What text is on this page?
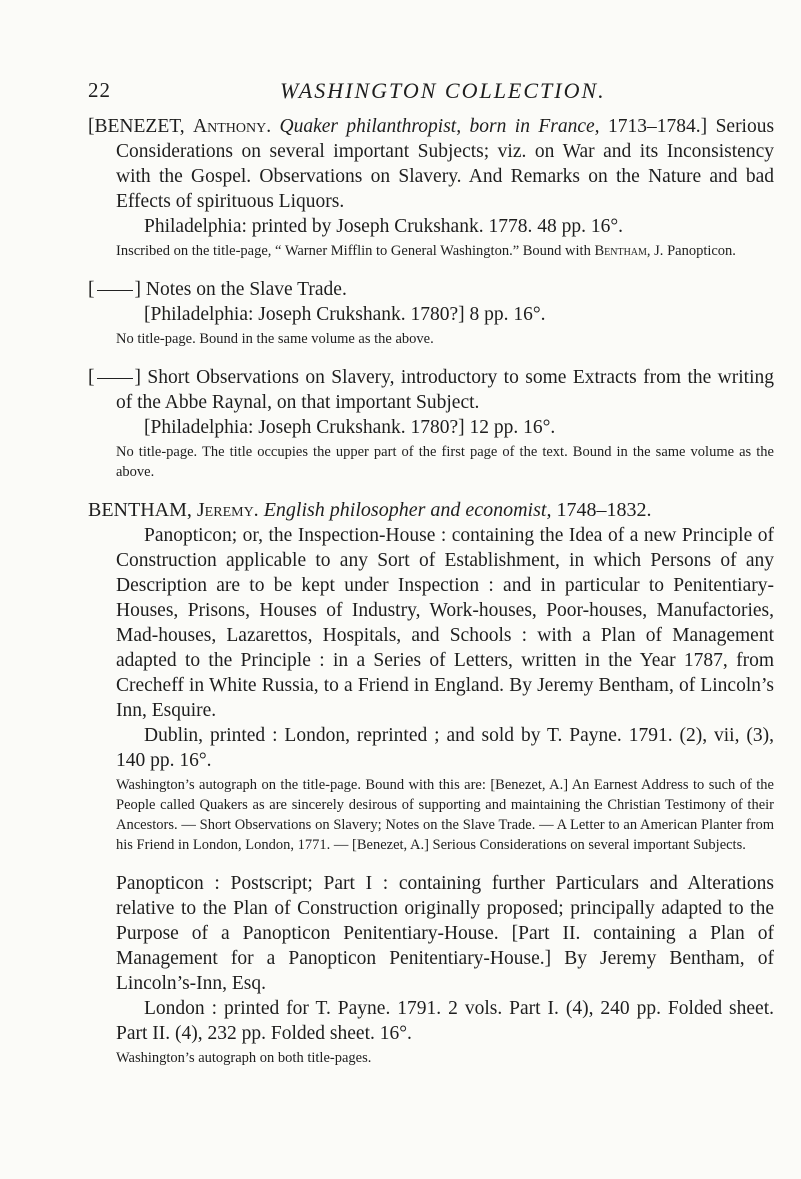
22	WASHINGTON COLLECTION.

[BENEZET, Anthony. Quaker philanthropist, born in France, 1713–1784.] Serious Considerations on several important Subjects; viz. on War and its Inconsistency with the Gospel. Observations on Slavery. And Remarks on the Nature and bad Effects of spirituous Liquors.

Philadelphia: printed by Joseph Crukshank. 1778. 48 pp. 16°.

Inscribed on the title-page, “ Warner Mifflin to General Washington.” Bound with Bentham, J. Panopticon.

[ ] Notes on the Slave Trade.

[Philadelphia: Joseph Crukshank. 1780?] 8 pp. 16°.

No title-page. Bound in the same volume as the above.

[ ] Short Observations on Slavery, introductory to some Extracts from the writing of the Abbe Raynal, on that important Subject.

[Philadelphia: Joseph Crukshank. 1780?] 12 pp. 16°.

No title-page. The title occupies the upper part of the first page of the text. Bound in the same volume as the above.

BENTHAM, Jeremy. English philosopher and economist, 1748–1832.

Panopticon; or, the Inspection-House : containing the Idea of a new Principle of Construction applicable to any Sort of Establishment, in which Persons of any Description are to be kept under Inspection : and in particular to Penitentiary-Houses, Prisons, Houses of Industry, Work-houses, Poor-houses, Manufactories, Mad-houses, Lazarettos, Hospitals, and Schools : with a Plan of Management adapted to the Principle : in a Series of Letters, written in the Year 1787, from Crecheff in White Russia, to a Friend in England. By Jeremy Bentham, of Lincoln’s Inn, Esquire.

Dublin, printed : London, reprinted ; and sold by T. Payne. 1791. (2), vii, (3), 140 pp. 16°.

Washington’s autograph on the title-page. Bound with this are: [Benezet, A.] An Earnest Address to such of the People called Quakers as are sincerely desirous of supporting and maintaining the Christian Testimony of their Ancestors. — Short Observations on Slavery; Notes on the Slave Trade. — A Letter to an American Planter from his Friend in London, London, 1771. — [Benezet, A.] Serious Considerations on several important Subjects.

Panopticon : Postscript; Part I : containing further Particulars and Alterations relative to the Plan of Construction originally proposed; principally adapted to the Purpose of a Panopticon Penitentiary-House. [Part II. containing a Plan of Management for a Panopticon Penitentiary-House.] By Jeremy Bentham, of Lincoln’s-Inn, Esq.

London : printed for T. Payne. 1791. 2 vols. Part I. (4), 240 pp. Folded sheet. Part II. (4), 232 pp. Folded sheet. 16°.

Washington’s autograph on both title-pages.
